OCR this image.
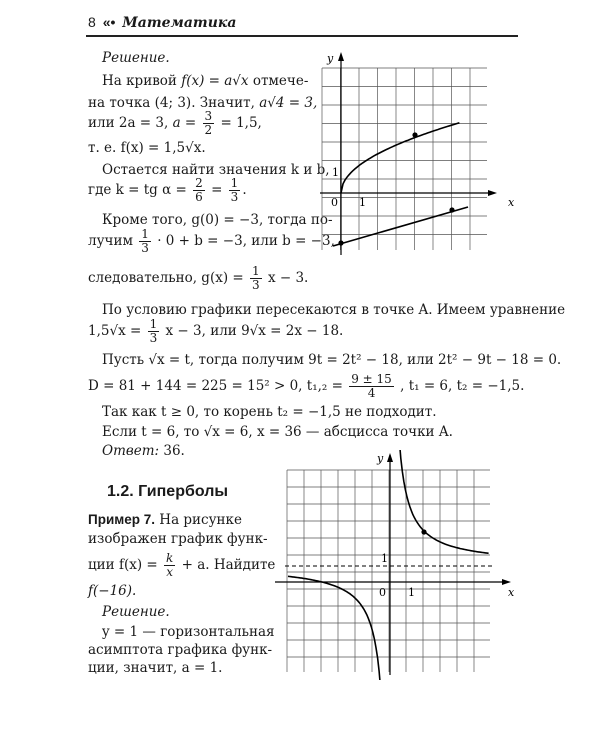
8 «• Математика
Решение.
На кривой f(x) = a√x отмече-
на точка (4; 3). Значит, a√4 = 3,
или 2a = 3, $a = \frac{3}{2} = 1,5$,
т. е. f(x) = 1,5√x.
Остается найти значения k и b,
где k = tg $\alpha = \frac{2}{6} = \frac{1}{3}$ .
Кроме того, g(0) = −3, тогда по-
лучим $\frac{1}{3} \cdot 0 + b = -3$, или b = −3,
следовательно, $g(x) = \frac{1}{3}$ x − 3.
По условию графики пересекаются в точке A. Имеем уравнение
$1,5√x = \frac{1}{3}$ x − 3, или 9√x = 2x − 18.
Пусть √x = t, тогда получим 9t = 2t² − 18, или 2t² − 9t − 18 = 0.
D = 81 + 144 = 225 = 15² > 0, $t_1,_2 = \frac{9 \pm 15}{4}$ , t₁ = 6, t₂ = −1,5.
Так как t ≥ 0, то корень t₂ = −1,5 не подходит.
Если t = 6, то √x = 6, x = 36 — абсцисса точки A.
Ответ: 36.
1.2. Гиперболы
Пример 7. На рисунке
изображен график функ-
ции $f(x) = \frac{k}{x} + a$. Найдите
f(−16).
Решение.
y = 1 — горизонтальная
асимптота графика функ-
ции, значит, a = 1.
y
x
1
0 1
y
x
1
0 1
